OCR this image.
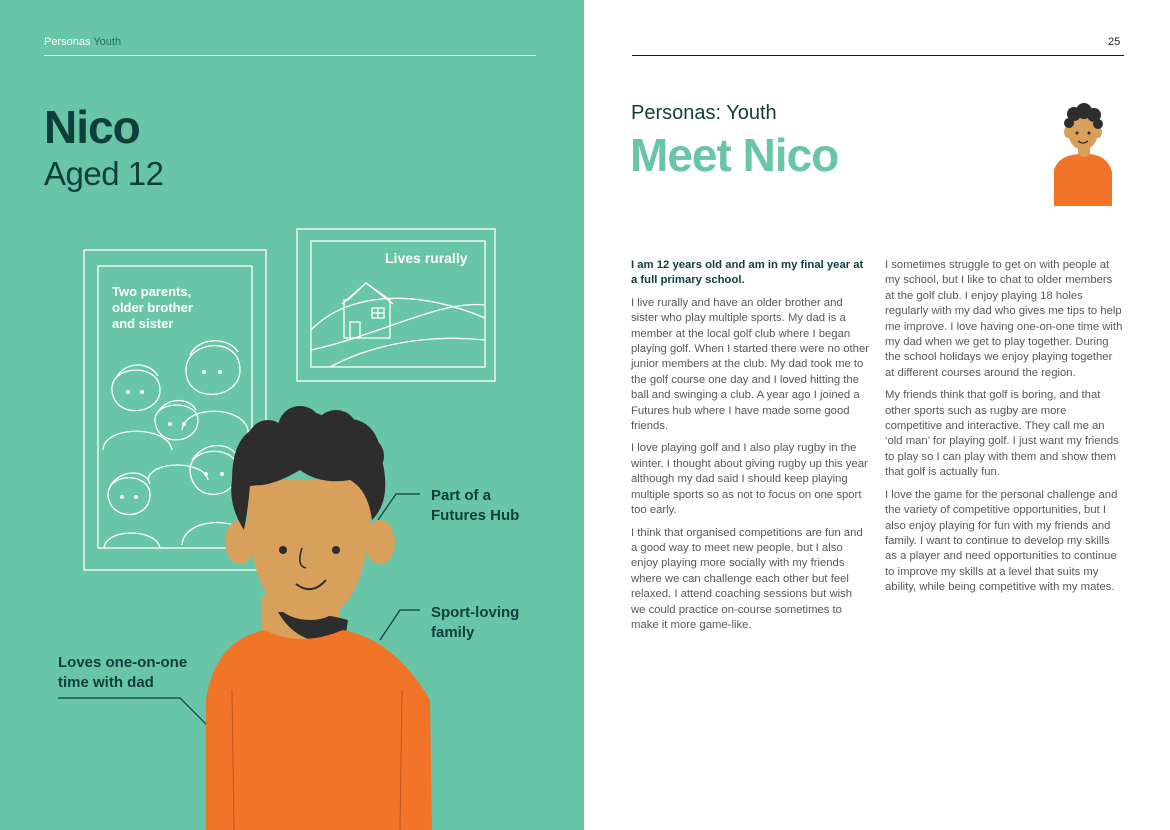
Personas Youth
Nico
Aged 12
Two parents,
older brother
and sister
Lives rurally
Part of a
Futures Hub
Sport-loving
family
Loves one-on-one
time with dad
25
Personas: Youth
Meet Nico

I am 12 years old and am in my final year at a full primary school.

I live rurally and have an older brother and sister who play multiple sports. My dad is a member at the local golf club where I began playing golf. When I started there were no other junior members at the club. My dad took me to the golf course one day and I loved hitting the ball and swinging a club. A year ago I joined a Futures hub where I have made some good friends.

I love playing golf and I also play rugby in the winter. I thought about giving rugby up this year although my dad said I should keep playing multiple sports so as not to focus on one sport too early.

I think that organised competitions are fun and a good way to meet new people, but I also enjoy playing more socially with my friends where we can challenge each other but feel relaxed. I attend coaching sessions but wish we could practice on-course sometimes to make it more game-like.

I sometimes struggle to get on with people at my school, but I like to chat to older members at the golf club. I enjoy playing 18 holes regularly with my dad who gives me tips to help me improve. I love having one-on-one time with my dad when we get to play together. During the school holidays we enjoy playing together at different courses around the region.

My friends think that golf is boring, and that other sports such as rugby are more competitive and interactive. They call me an ‘old man’ for playing golf. I just want my friends to play so I can play with them and show them that golf is actually fun.

I love the game for the personal challenge and the variety of competitive opportunities, but I also enjoy playing for fun with my friends and family. I want to continue to develop my skills as a player and need opportunities to continue to improve my skills at a level that suits my ability, while being competitive with my mates.
